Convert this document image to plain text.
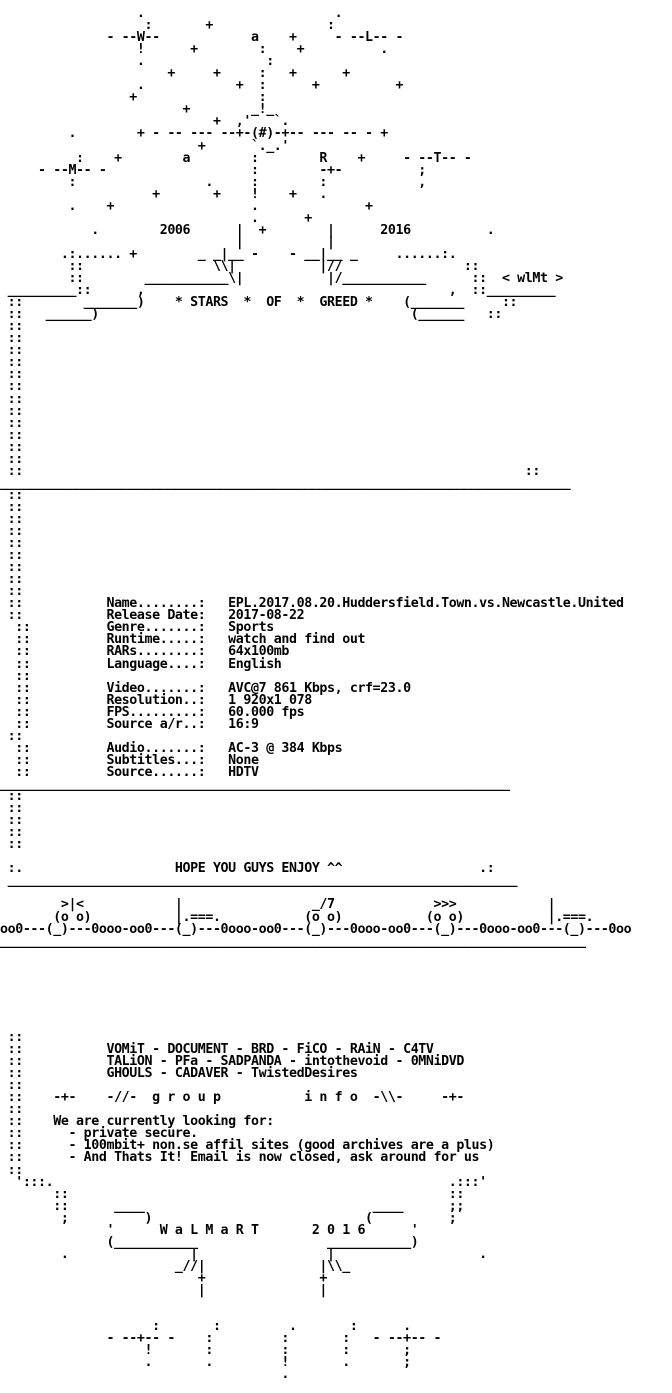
.                         .
:       +               :
- --W--            a    +     - --L-- -
!      +        :    +          .
.                :
+     +     :   +      +
.            +  :      +          +
+                :
+        _!_
+  ,'   `.
.        + - -- --- --+-(#)-+-- --- -- - +
+      `._.'
:    +        a        :        R    +     - --T-- -
- --M-- -                   :        -+-          ;
:                 .     :        :            ,
+       +    !    +   .
.    +                  .              +
.      +
.        2006      |  +        |      2016          .
|           |
.:...... +        _ _|__ -    - __|__ _     ......:.
::                 \\|           |//                ::
::        ___________\|           |/___________      ::  < wlMt >
_________::      ,                                        ,  ::_________
::        _______)    * STARS  *  OF  *  GREED *    (_______     ::
::   ______)                                         (______   ::
::
::
::
::
::
::
::
::
::
::
::
::
::                                                                  ::
___________________________________________________________________________
::
::
::
::
::
::
::
::
::
::           Name........:   EPL.2017.08.20.Huddersfield.Town.vs.Newcastle.United
::           Release Date:   2017-08-22
::          Genre.......:   Sports
::          Runtime.....:   watch and find out
::          RARs........:   64x100mb
::          Language....:   English
::
::          Video.......:   AVC@7 861 Kbps, crf=23.0
::          Resolution..:   1 920x1 078
::          FPS.........:   60.000 fps
::          Source a/r..:   16:9
::
::          Audio.......:   AC-3 @ 384 Kbps
::          Subtitles...:   None
::          Source......:   HDTV
___________________________________________________________________
::
::
::
::
::
:.                    HOPE YOU GUYS ENJOY ^^                  .:
___________________________________________________________________
>|<            |                 _/7             >>>            |
(o o)           |.===.           (o o)           (o o)           |.===.
oo0---(_)---0ooo-oo0---(_)---0ooo-oo0---(_)---0ooo-oo0---(_)---0ooo-oo0---(_)---0oo
_____________________________________________________________________________
::
::           VOMiT - DOCUMENT - BRD - FiCO - RAiN - C4TV
::           TALiON - PFa - SADPANDA - intothevoid - 0MNiDVD
::           GHOULS - CADAVER - TwistedDesires
::
::    -+-    -//-  g r o u p           i n f o  -\\-     -+-
::
::    We are currently looking for:
::      - private secure.
::      - 100mbit+ non.se affil sites (good archives are a plus)
::      - And Thats It! Email is now closed, ask around for us
::
':::.                                                    .:::'
::                                                  ::
::      ____                              ____      ;;
;          )                            (          ;
'      W a L M a R T       2 0 1 6      '
(___________                 ___________)
.                |                 |                   .
_//|               |\\_
+               +
|               |
:       :         .       :      .
- --+-- -    :         :       :   - --+-- -
!       :         :       :       ;
.       .         !       .       ;
.
